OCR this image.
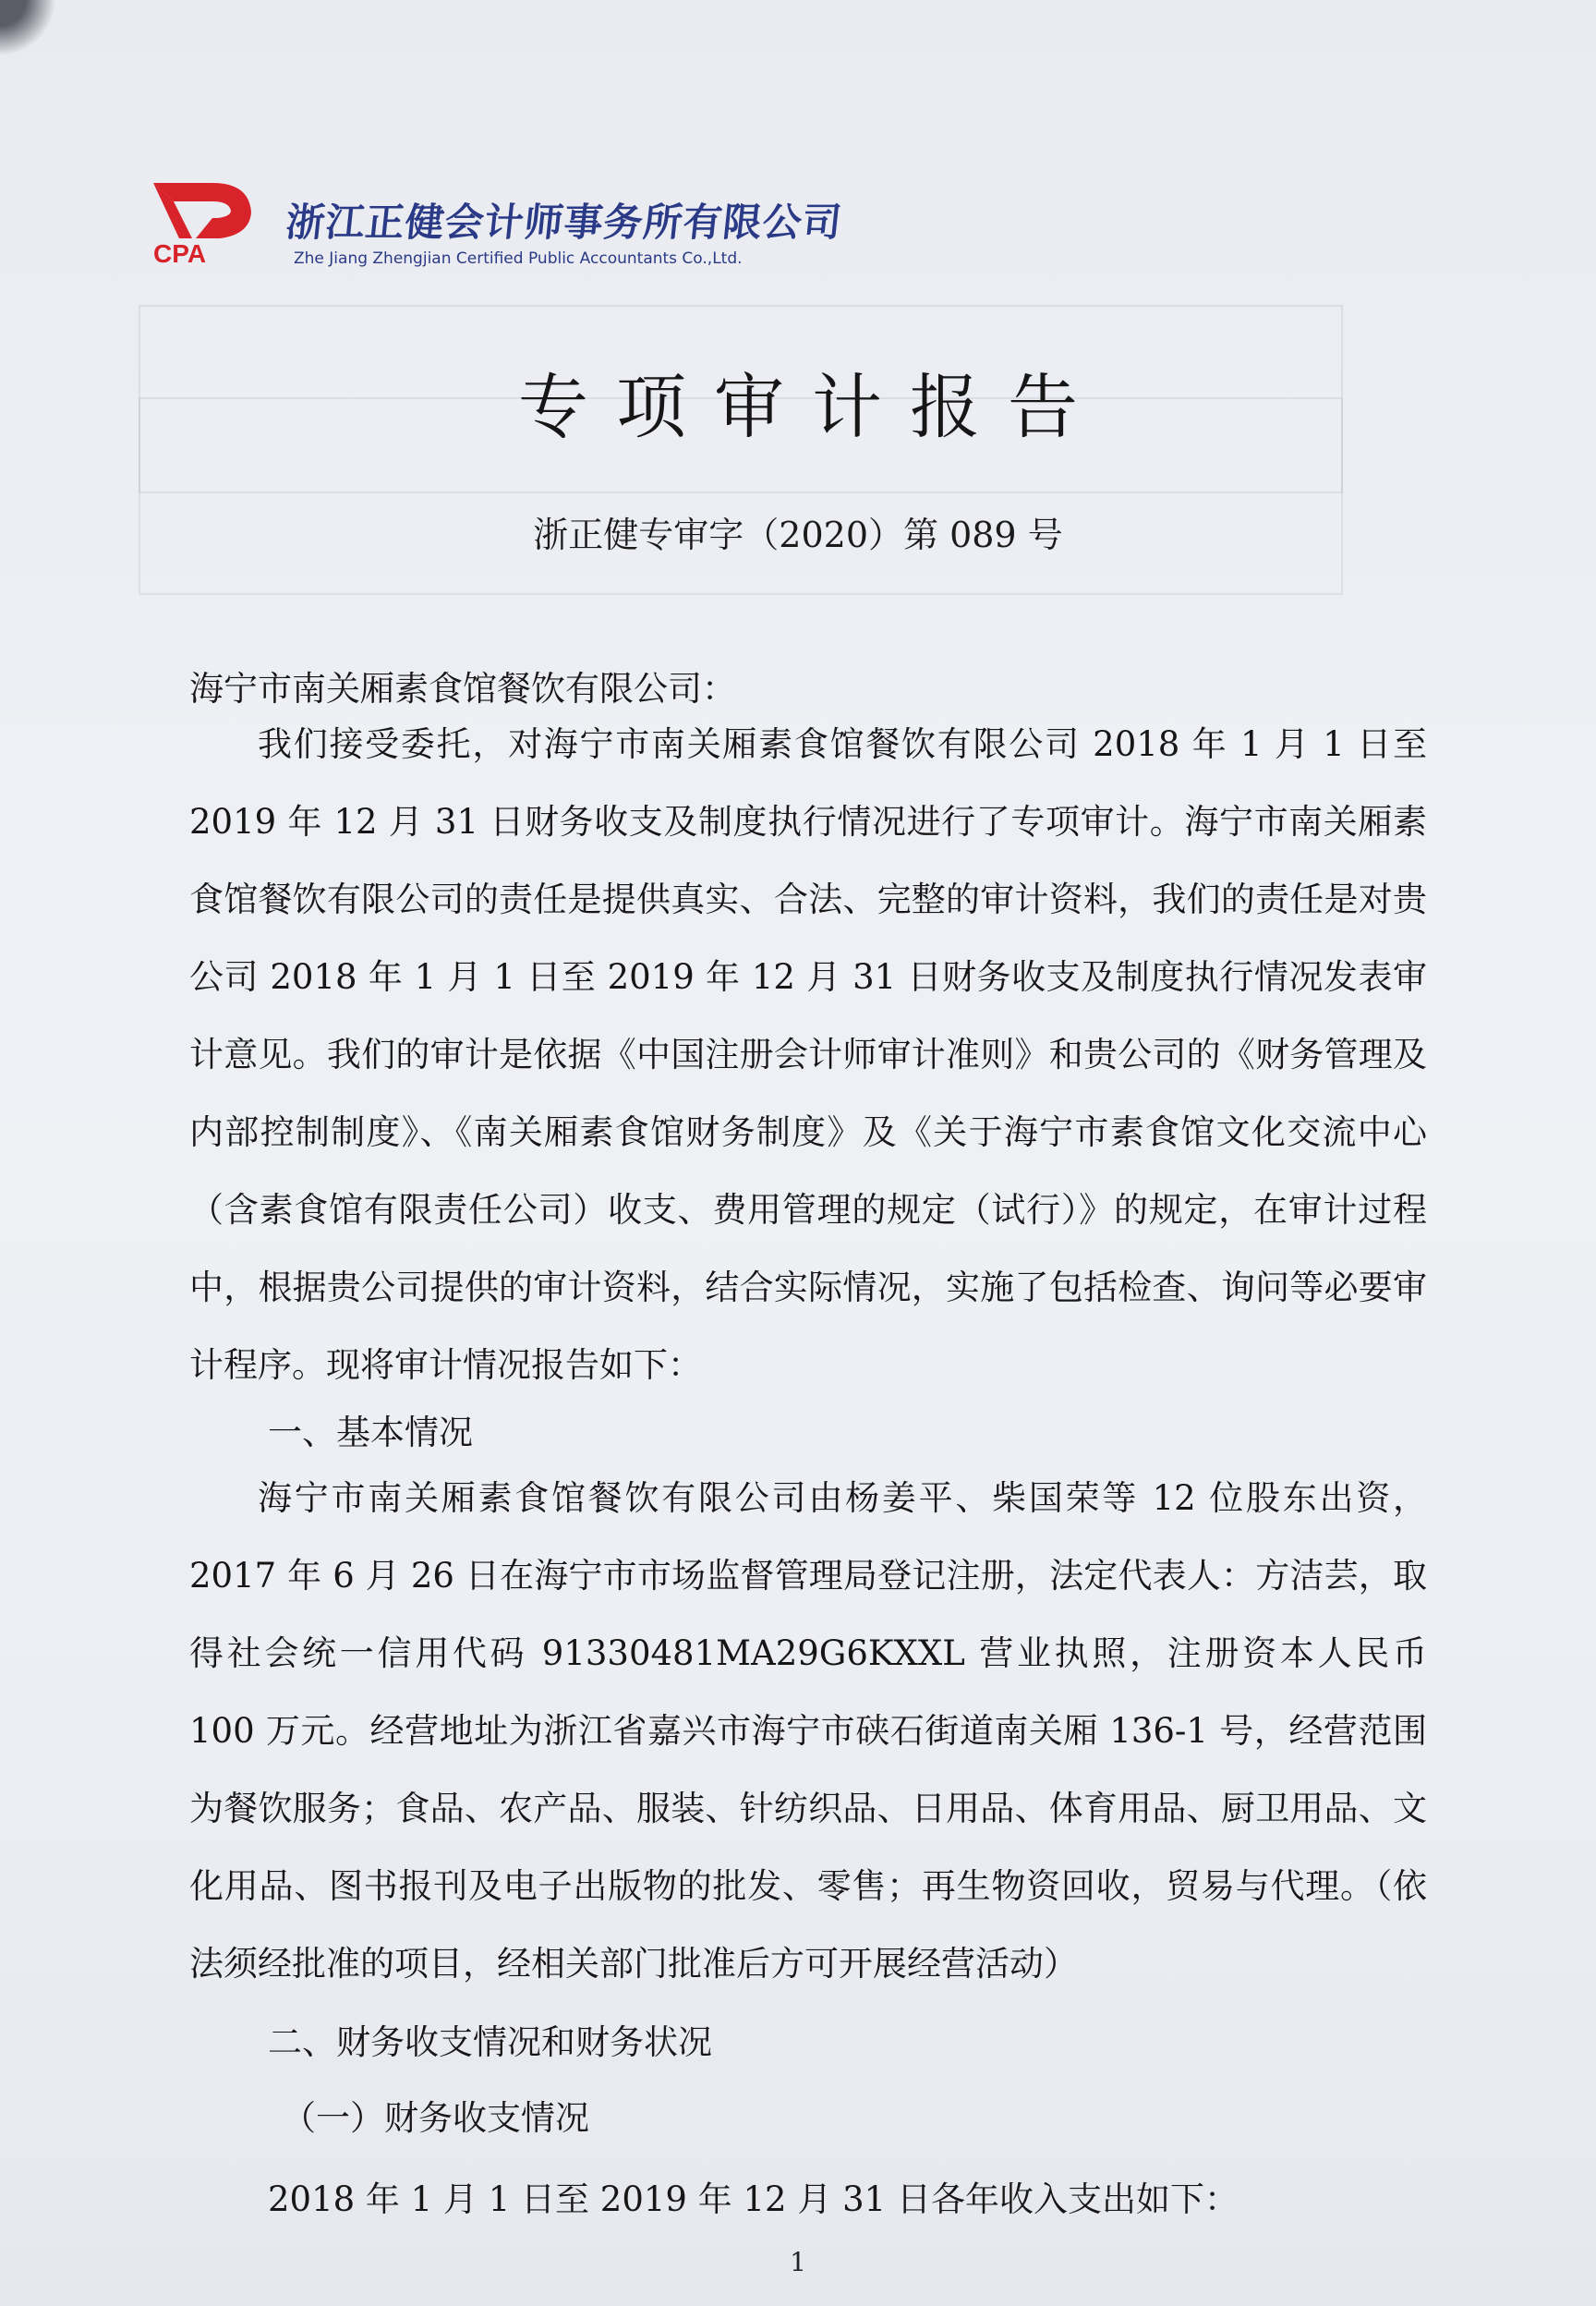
CPA
浙江正健会计师事务所有限公司
Zhe Jiang Zhengjian Certified Public Accountants Co.,Ltd.
专项审计报告
浙正健专审字（2020）第 089 号
海宁市南关厢素食馆餐饮有限公司：
我们接受委托，对海宁市南关厢素食馆餐饮有限公司 2018 年 1 月 1 日至 2019 年 12 月 31 日财务收支及制度执行情况进行了专项审计。海宁市南关厢素食馆餐饮有限公司的责任是提供真实、合法、完整的审计资料，我们的责任是对贵公司 2018 年 1 月 1 日至 2019 年 12 月 31 日财务收支及制度执行情况发表审计意见。我们的审计是依据《中国注册会计师审计准则》和贵公司的《财务管理及内部控制制度》、《南关厢素食馆财务制度》及《关于海宁市素食馆文化交流中心（含素食馆有限责任公司）收支、费用管理的规定（试行）》的规定，在审计过程中，根据贵公司提供的审计资料，结合实际情况，实施了包括检查、询问等必要审计程序。现将审计情况报告如下：
一、基本情况
海宁市南关厢素食馆餐饮有限公司由杨姜平、柴国荣等 12 位股东出资，2017 年 6 月 26 日在海宁市市场监督管理局登记注册，法定代表人：方洁芸，取得社会统一信用代码 91330481MA29G6KXXL 营业执照，注册资本人民币 100 万元。经营地址为浙江省嘉兴市海宁市硖石街道南关厢 136-1 号，经营范围为餐饮服务；食品、农产品、服装、针纺织品、日用品、体育用品、厨卫用品、文化用品、图书报刊及电子出版物的批发、零售；再生物资回收，贸易与代理。（依法须经批准的项目，经相关部门批准后方可开展经营活动）
二、财务收支情况和财务状况
（一）财务收支情况
2018 年 1 月 1 日至 2019 年 12 月 31 日各年收入支出如下：
1
